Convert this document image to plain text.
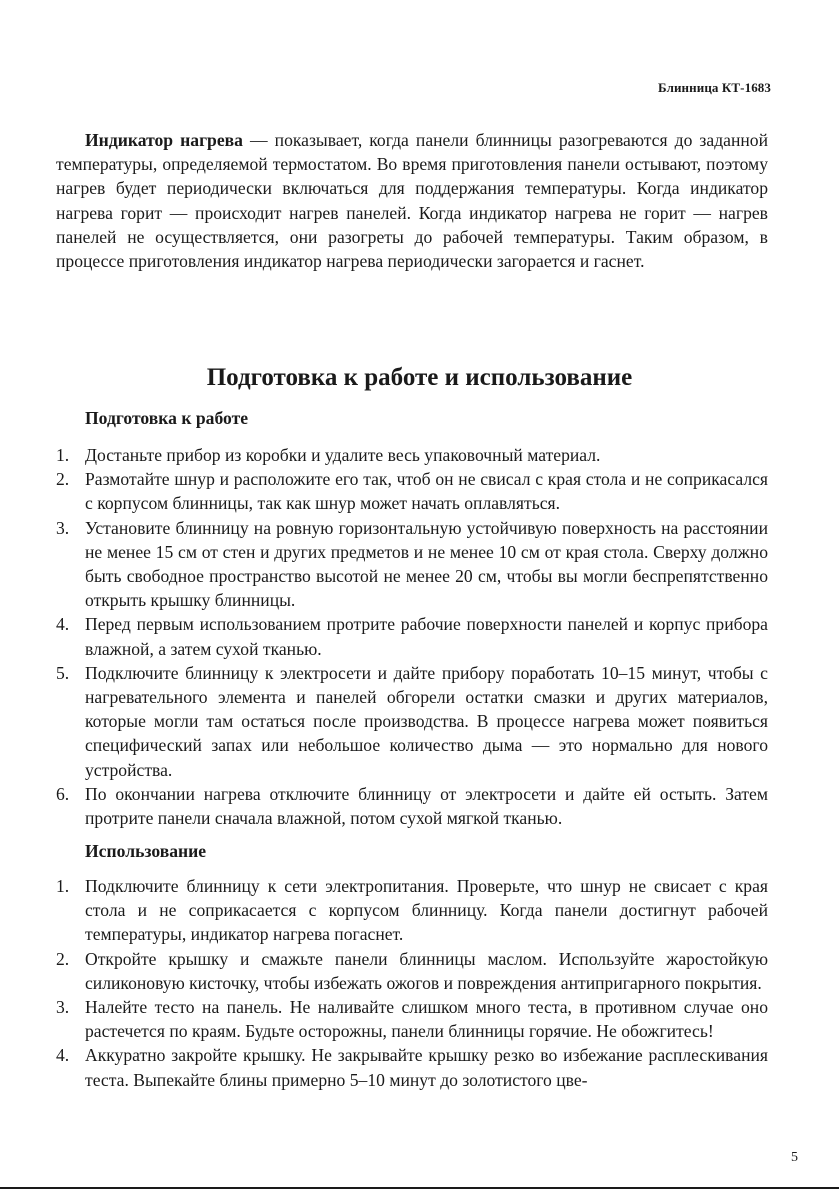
Блинница КТ-1683

Индикатор нагрева — показывает, когда панели блинницы разогреваются до заданной температуры, определяемой термостатом. Во время приготовления панели остывают, поэтому нагрев будет периодически включаться для поддержания температуры. Когда индикатор нагрева горит — происходит нагрев панелей. Когда индикатор нагрева не горит — нагрев панелей не осуществляется, они разогреты до рабочей температуры. Таким образом, в процессе приготовления индикатор нагрева периодически загорается и гаснет.

Подготовка к работе и использование
Подготовка к работе
1. Достаньте прибор из коробки и удалите весь упаковочный материал.
2. Размотайте шнур и расположите его так, чтоб он не свисал с края стола и не соприкасался с корпусом блинницы, так как шнур может начать оплавляться.
3. Установите блинницу на ровную горизонтальную устойчивую поверхность на расстоянии не менее 15 см от стен и других предметов и не менее 10 см от края стола. Сверху должно быть свободное пространство высотой не менее 20 см, чтобы вы могли беспрепятственно открыть крышку блинницы.
4. Перед первым использованием протрите рабочие поверхности панелей и корпус прибора влажной, а затем сухой тканью.
5. Подключите блинницу к электросети и дайте прибору поработать 10–15 минут, чтобы с нагревательного элемента и панелей обгорели остатки смазки и других материалов, которые могли там остаться после производства. В процессе нагрева может появиться специфический запах или небольшое количество дыма — это нормально для нового устройства.
6. По окончании нагрева отключите блинницу от электросети и дайте ей остыть. Затем протрите панели сначала влажной, потом сухой мягкой тканью.
Использование
1. Подключите блинницу к сети электропитания. Проверьте, что шнур не свисает с края стола и не соприкасается с корпусом блинницу. Когда панели достигнут рабочей температуры, индикатор нагрева погаснет.
2. Откройте крышку и смажьте панели блинницы маслом. Используйте жаростойкую силиконовую кисточку, чтобы избежать ожогов и повреждения антипригарного покрытия.
3. Налейте тесто на панель. Не наливайте слишком много теста, в противном случае оно растечется по краям. Будьте осторожны, панели блинницы горячие. Не обожгитесь!
4. Аккуратно закройте крышку. Не закрывайте крышку резко во избежание расплескивания теста. Выпекайте блины примерно 5–10 минут до золотистого цве-
5
